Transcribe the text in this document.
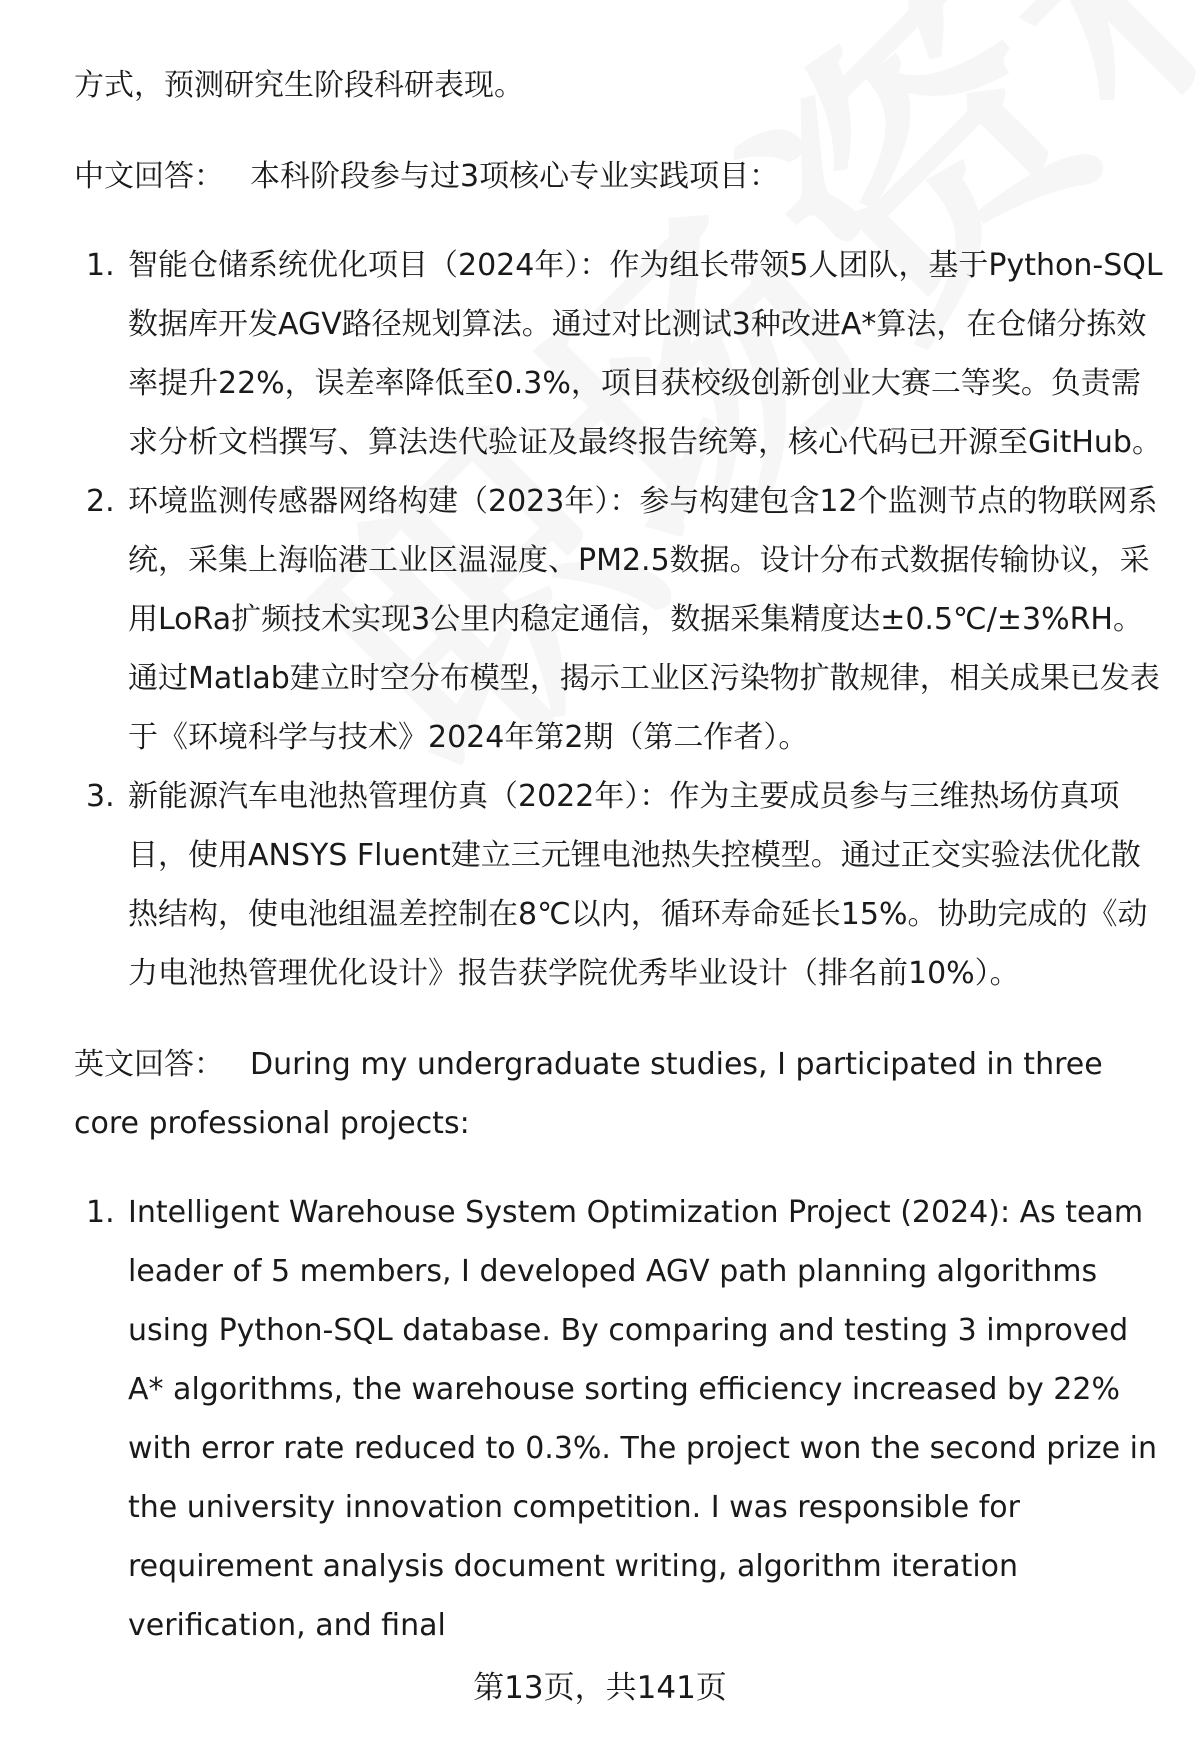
方式，预测研究生阶段科研表现。

中文回答： 本科阶段参与过3项核心专业实践项目：

1. 智能仓储系统优化项目（2024年）：作为组长带领5人团队，基于Python-SQL数据库开发AGV路径规划算法。通过对比测试3种改进A*算法，在仓储分拣效率提升22%，误差率降低至0.3%，项目获校级创新创业大赛二等奖。负责需求分析文档撰写、算法迭代验证及最终报告统筹，核心代码已开源至GitHub。
2. 环境监测传感器网络构建（2023年）：参与构建包含12个监测节点的物联网系统，采集上海临港工业区温湿度、PM2.5数据。设计分布式数据传输协议，采用LoRa扩频技术实现3公里内稳定通信，数据采集精度达±0.5℃/±3%RH。通过Matlab建立时空分布模型，揭示工业区污染物扩散规律，相关成果已发表于《环境科学与技术》2024年第2期（第二作者）。
3. 新能源汽车电池热管理仿真（2022年）：作为主要成员参与三维热场仿真项目，使用ANSYS Fluent建立三元锂电池热失控模型。通过正交实验法优化散热结构，使电池组温差控制在8℃以内，循环寿命延长15%。协助完成的《动力电池热管理优化设计》报告获学院优秀毕业设计（排名前10%）。

英文回答： During my undergraduate studies, I participated in three core professional projects:

1. Intelligent Warehouse System Optimization Project (2024): As team leader of 5 members, I developed AGV path planning algorithms using Python-SQL database. By comparing and testing 3 improved A* algorithms, the warehouse sorting efficiency increased by 22% with error rate reduced to 0.3%. The project won the second prize in the university innovation competition. I was responsible for requirement analysis document writing, algorithm iteration verification, and final
第13页，共141页
